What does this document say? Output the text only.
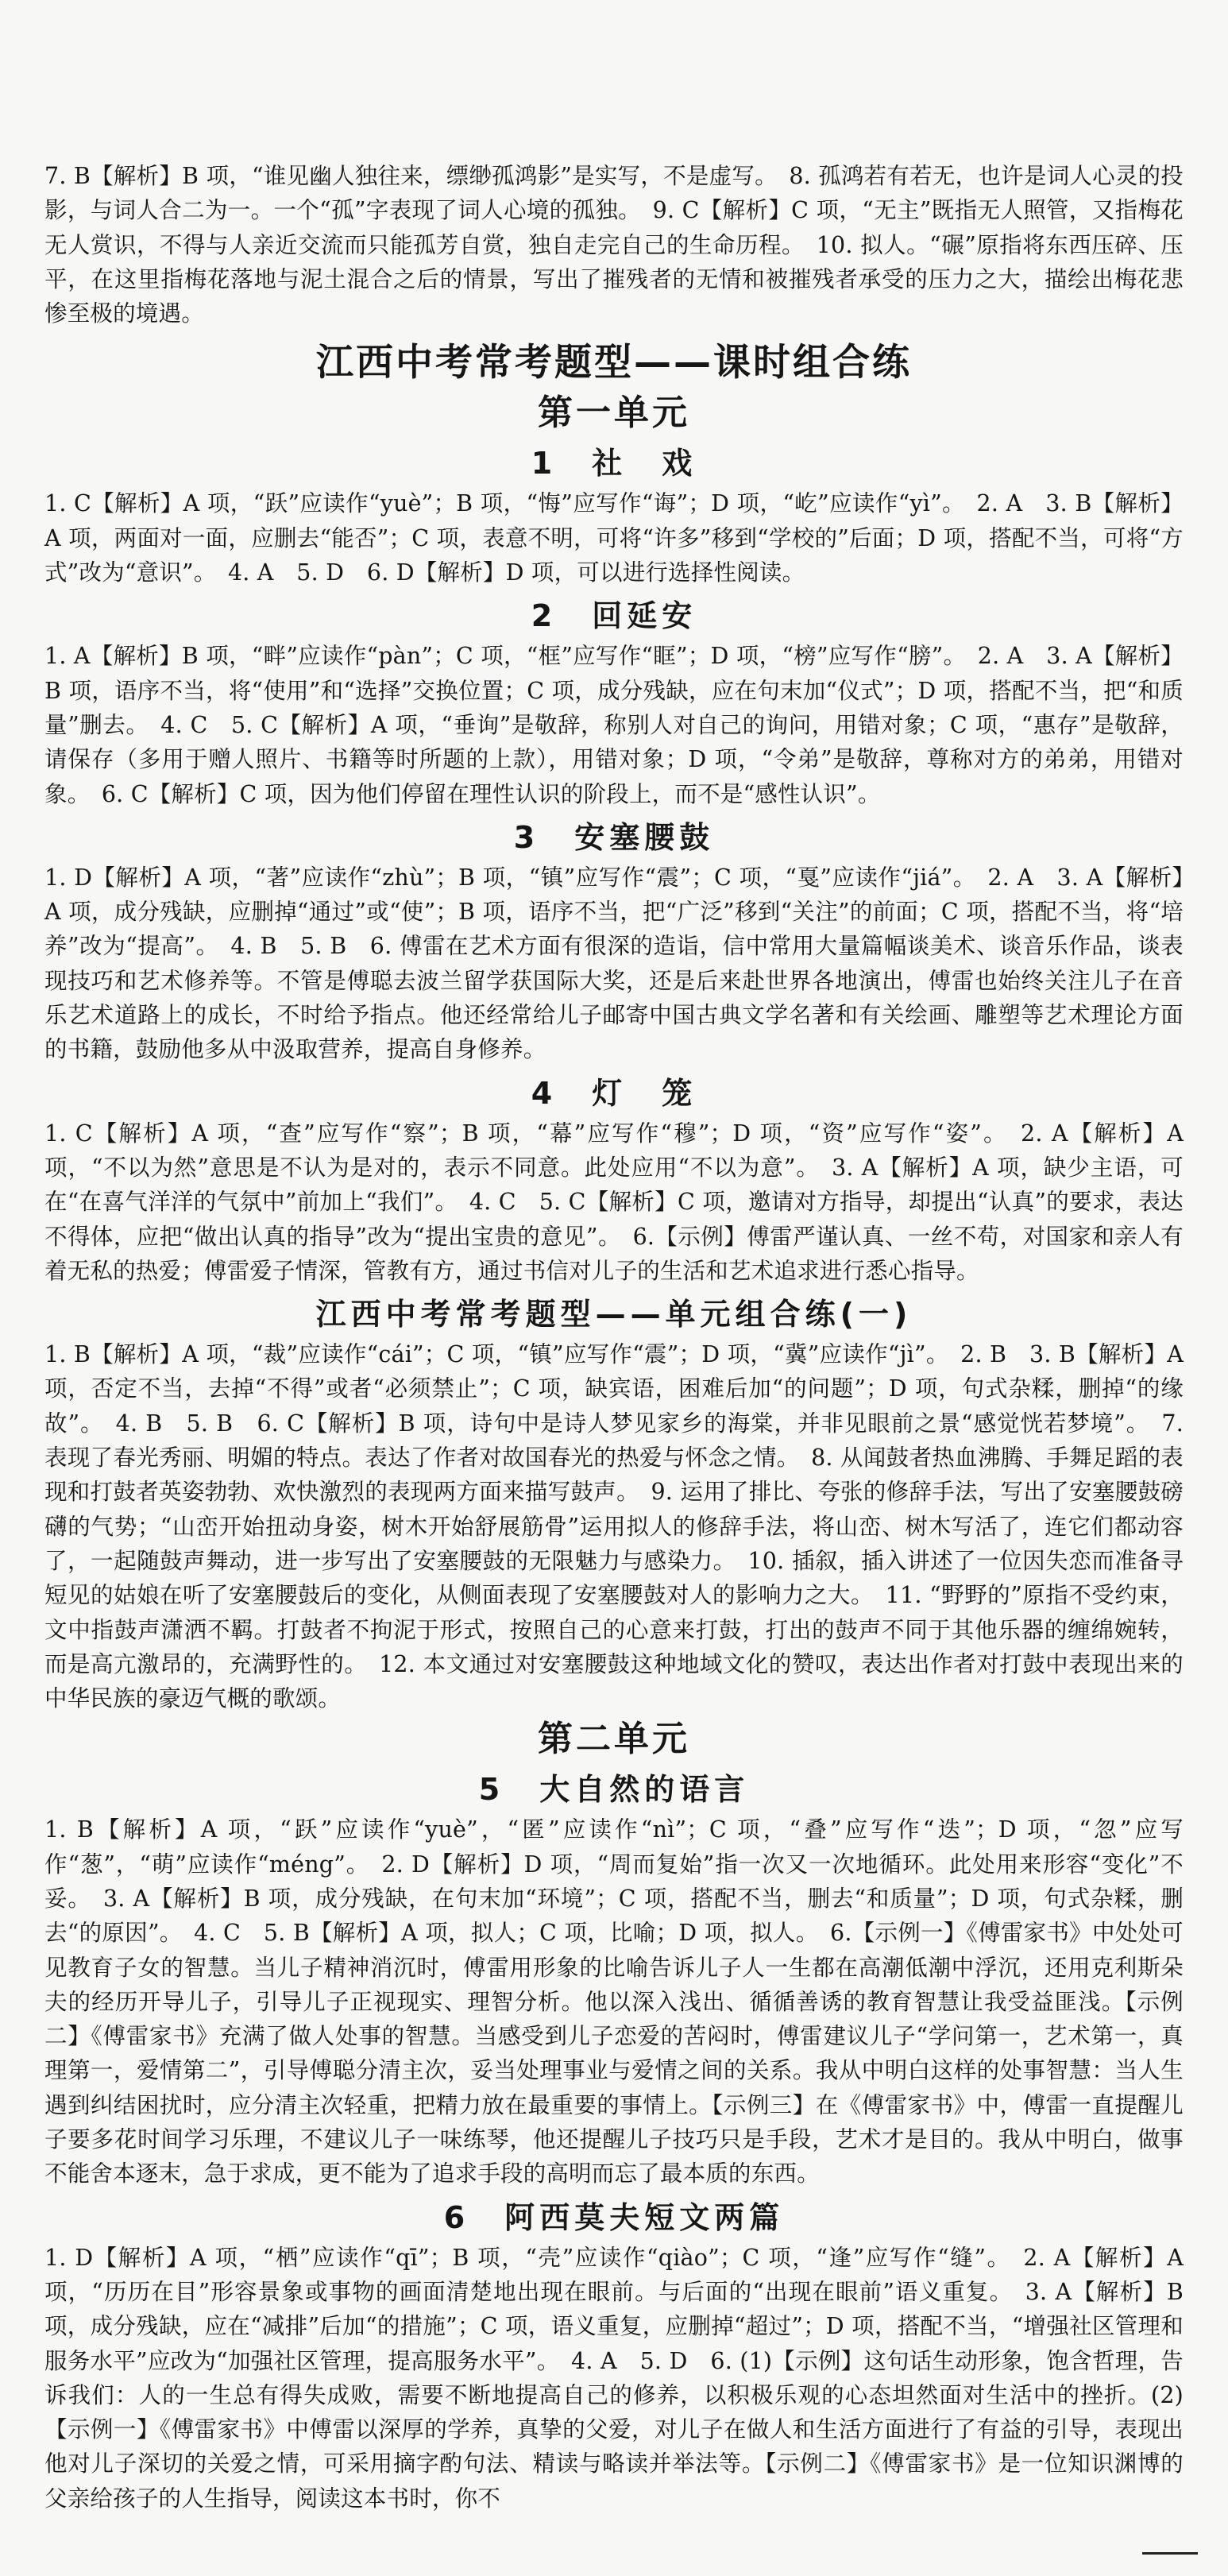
7. B【解析】B 项，“谁见幽人独往来，缥缈孤鸿影”是实写，不是虚写。　8. 孤鸿若有若无，也许是词人心灵的投影，与词人合二为一。一个“孤”字表现了词人心境的孤独。　9. C【解析】C 项，“无主”既指无人照管，又指梅花无人赏识，不得与人亲近交流而只能孤芳自赏，独自走完自己的生命历程。　10. 拟人。“碾”原指将东西压碎、压平，在这里指梅花落地与泥土混合之后的情景，写出了摧残者的无情和被摧残者承受的压力之大，描绘出梅花悲惨至极的境遇。

江西中考常考题型——课时组合练
第一单元
1　社　戏

1. C【解析】A 项，“跃”应读作“yuè”；B 项，“悔”应写作“诲”；D 项，“屹”应读作“yì”。　2. A　3. B【解析】A 项，两面对一面，应删去“能否”；C 项，表意不明，可将“许多”移到“学校的”后面；D 项，搭配不当，可将“方式”改为“意识”。　4. A　5. D　6. D【解析】D 项，可以进行选择性阅读。

2　回延安

1. A【解析】B 项，“畔”应读作“pàn”；C 项，“框”应写作“眶”；D 项，“榜”应写作“膀”。　2. A　3. A【解析】B 项，语序不当，将“使用”和“选择”交换位置；C 项，成分残缺，应在句末加“仪式”；D 项，搭配不当，把“和质量”删去。　4. C　5. C【解析】A 项，“垂询”是敬辞，称别人对自己的询问，用错对象；C 项，“惠存”是敬辞，请保存（多用于赠人照片、书籍等时所题的上款），用错对象；D 项，“令弟”是敬辞，尊称对方的弟弟，用错对象。　6. C【解析】C 项，因为他们停留在理性认识的阶段上，而不是“感性认识”。

3　安塞腰鼓

1. D【解析】A 项，“著”应读作“zhù”；B 项，“镇”应写作“震”；C 项，“戛”应读作“jiá”。　2. A　3. A【解析】A 项，成分残缺，应删掉“通过”或“使”；B 项，语序不当，把“广泛”移到“关注”的前面；C 项，搭配不当，将“培养”改为“提高”。　4. B　5. B　6. 傅雷在艺术方面有很深的造诣，信中常用大量篇幅谈美术、谈音乐作品，谈表现技巧和艺术修养等。不管是傅聪去波兰留学获国际大奖，还是后来赴世界各地演出，傅雷也始终关注儿子在音乐艺术道路上的成长，不时给予指点。他还经常给儿子邮寄中国古典文学名著和有关绘画、雕塑等艺术理论方面的书籍，鼓励他多从中汲取营养，提高自身修养。

4　灯　笼

1. C【解析】A 项，“查”应写作“察”；B 项，“幕”应写作“穆”；D 项，“资”应写作“姿”。　2. A【解析】A 项，“不以为然”意思是不认为是对的，表示不同意。此处应用“不以为意”。　3. A【解析】A 项，缺少主语，可在“在喜气洋洋的气氛中”前加上“我们”。　4. C　5. C【解析】C 项，邀请对方指导，却提出“认真”的要求，表达不得体，应把“做出认真的指导”改为“提出宝贵的意见”。　6.【示例】傅雷严谨认真、一丝不苟，对国家和亲人有着无私的热爱；傅雷爱子情深，管教有方，通过书信对儿子的生活和艺术追求进行悉心指导。

江西中考常考题型——单元组合练(一)

1. B【解析】A 项，“裁”应读作“cái”；C 项，“镇”应写作“震”；D 项，“冀”应读作“jì”。　2. B　3. B【解析】A 项，否定不当，去掉“不得”或者“必须禁止”；C 项，缺宾语，困难后加“的问题”；D 项，句式杂糅，删掉“的缘故”。　4. B　5. B　6. C【解析】B 项，诗句中是诗人梦见家乡的海棠，并非见眼前之景“感觉恍若梦境”。　7. 表现了春光秀丽、明媚的特点。表达了作者对故国春光的热爱与怀念之情。　8. 从闻鼓者热血沸腾、手舞足蹈的表现和打鼓者英姿勃勃、欢快激烈的表现两方面来描写鼓声。　9. 运用了排比、夸张的修辞手法，写出了安塞腰鼓磅礴的气势；“山峦开始扭动身姿，树木开始舒展筋骨”运用拟人的修辞手法，将山峦、树木写活了，连它们都动容了，一起随鼓声舞动，进一步写出了安塞腰鼓的无限魅力与感染力。　10. 插叙，插入讲述了一位因失恋而准备寻短见的姑娘在听了安塞腰鼓后的变化，从侧面表现了安塞腰鼓对人的影响力之大。　11. “野野的”原指不受约束，文中指鼓声潇洒不羁。打鼓者不拘泥于形式，按照自己的心意来打鼓，打出的鼓声不同于其他乐器的缠绵婉转，而是高亢激昂的，充满野性的。　12. 本文通过对安塞腰鼓这种地域文化的赞叹，表达出作者对打鼓中表现出来的中华民族的豪迈气概的歌颂。

第二单元
5　大自然的语言

1. B【解析】A 项，“跃”应读作“yuè”，“匿”应读作“nì”；C 项，“叠”应写作“迭”；D 项，“忽”应写作“葱”，“萌”应读作“méng”。　2. D【解析】D 项，“周而复始”指一次又一次地循环。此处用来形容“变化”不妥。　3. A【解析】B 项，成分残缺，在句末加“环境”；C 项，搭配不当，删去“和质量”；D 项，句式杂糅，删去“的原因”。　4. C　5. B【解析】A 项，拟人；C 项，比喻；D 项，拟人。　6.【示例一】《傅雷家书》中处处可见教育子女的智慧。当儿子精神消沉时，傅雷用形象的比喻告诉儿子人一生都在高潮低潮中浮沉，还用克利斯朵夫的经历开导儿子，引导儿子正视现实、理智分析。他以深入浅出、循循善诱的教育智慧让我受益匪浅。【示例二】《傅雷家书》充满了做人处事的智慧。当感受到儿子恋爱的苦闷时，傅雷建议儿子“学问第一，艺术第一，真理第一，爱情第二”，引导傅聪分清主次，妥当处理事业与爱情之间的关系。我从中明白这样的处事智慧：当人生遇到纠结困扰时，应分清主次轻重，把精力放在最重要的事情上。【示例三】在《傅雷家书》中，傅雷一直提醒儿子要多花时间学习乐理，不建议儿子一味练琴，他还提醒儿子技巧只是手段，艺术才是目的。我从中明白，做事不能舍本逐末，急于求成，更不能为了追求手段的高明而忘了最本质的东西。

6　阿西莫夫短文两篇

1. D【解析】A 项，“栖”应读作“qī”；B 项，“壳”应读作“qiào”；C 项，“逢”应写作“缝”。　2. A【解析】A 项，“历历在目”形容景象或事物的画面清楚地出现在眼前。与后面的“出现在眼前”语义重复。　3. A【解析】B 项，成分残缺，应在“减排”后加“的措施”；C 项，语义重复，应删掉“超过”；D 项，搭配不当，“增强社区管理和服务水平”应改为“加强社区管理，提高服务水平”。　4. A　5. D　6. (1)【示例】这句话生动形象，饱含哲理，告诉我们：人的一生总有得失成败，需要不断地提高自己的修养，以积极乐观的心态坦然面对生活中的挫折。(2)【示例一】《傅雷家书》中傅雷以深厚的学养，真挚的父爱，对儿子在做人和生活方面进行了有益的引导，表现出他对儿子深切的关爱之情，可采用摘字酌句法、精读与略读并举法等。【示例二】《傅雷家书》是一位知识渊博的父亲给孩子的人生指导，阅读这本书时，你不
